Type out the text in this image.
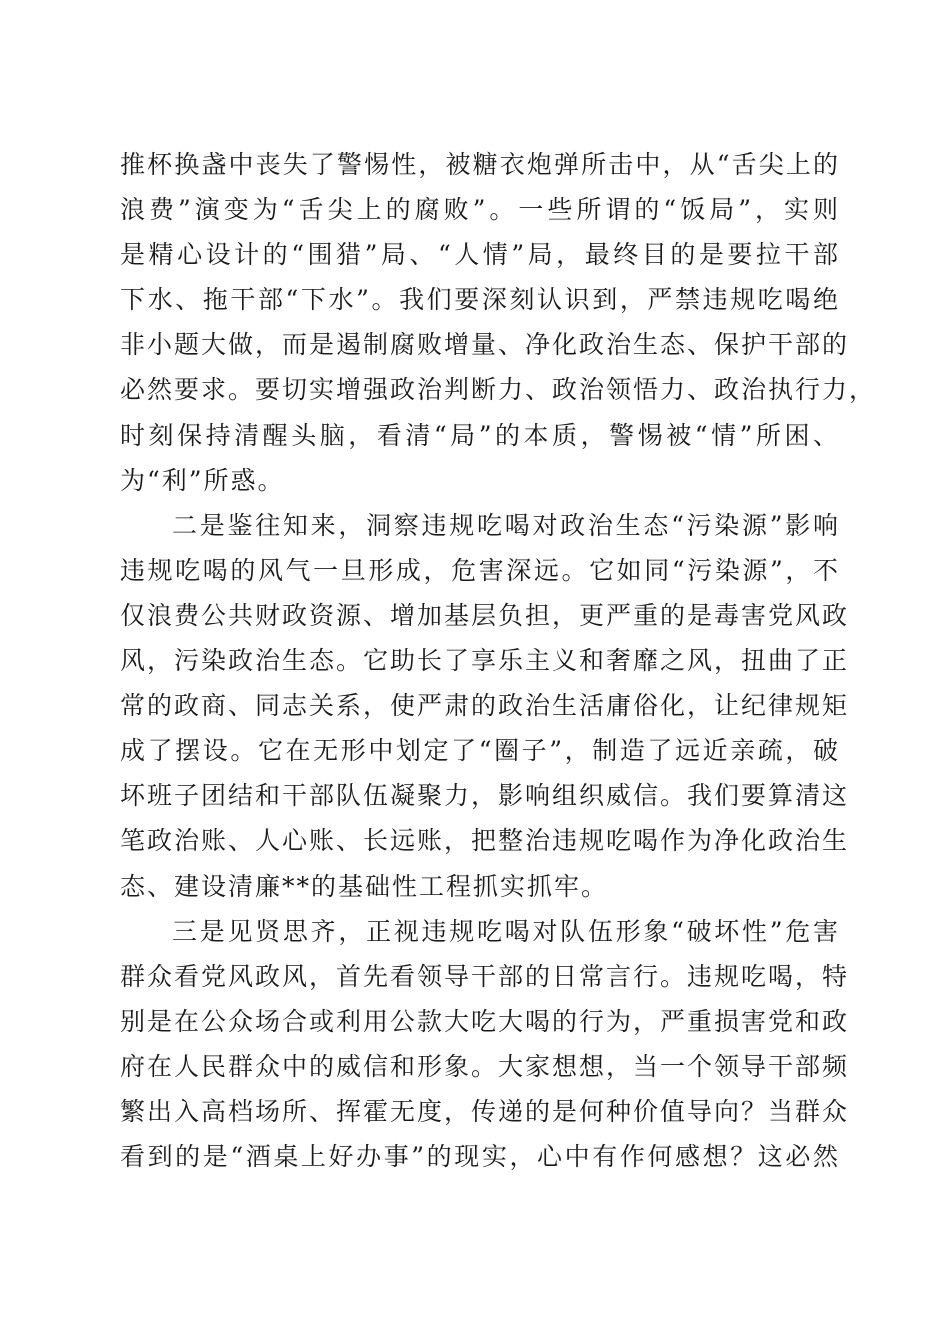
推杯换盏中丧失了警惕性，被糖衣炮弹所击中，从“舌尖上的
浪费”演变为“舌尖上的腐败”。一些所谓的“饭局”，实则
是精心设计的“围猎”局、“人情”局，最终目的是要拉干部
下水、拖干部“下水”。我们要深刻认识到，严禁违规吃喝绝
非小题大做，而是遏制腐败增量、净化政治生态、保护干部的
必然要求。要切实增强政治判断力、政治领悟力、政治执行力，
时刻保持清醒头脑，看清“局”的本质，警惕被“情”所困、
为“利”所惑。
二是鉴往知来，洞察违规吃喝对政治生态“污染源”影响
违规吃喝的风气一旦形成，危害深远。它如同“污染源”，不
仅浪费公共财政资源、增加基层负担，更严重的是毒害党风政
风，污染政治生态。它助长了享乐主义和奢靡之风，扭曲了正
常的政商、同志关系，使严肃的政治生活庸俗化，让纪律规矩
成了摆设。它在无形中划定了“圈子”，制造了远近亲疏，破
坏班子团结和干部队伍凝聚力，影响组织威信。我们要算清这
笔政治账、人心账、长远账，把整治违规吃喝作为净化政治生
态、建设清廉**的基础性工程抓实抓牢。
三是见贤思齐，正视违规吃喝对队伍形象“破坏性”危害
群众看党风政风，首先看领导干部的日常言行。违规吃喝，特
别是在公众场合或利用公款大吃大喝的行为，严重损害党和政
府在人民群众中的威信和形象。大家想想，当一个领导干部频
繁出入高档场所、挥霍无度，传递的是何种价值导向？当群众
看到的是“酒桌上好办事”的现实，心中有作何感想？这必然
